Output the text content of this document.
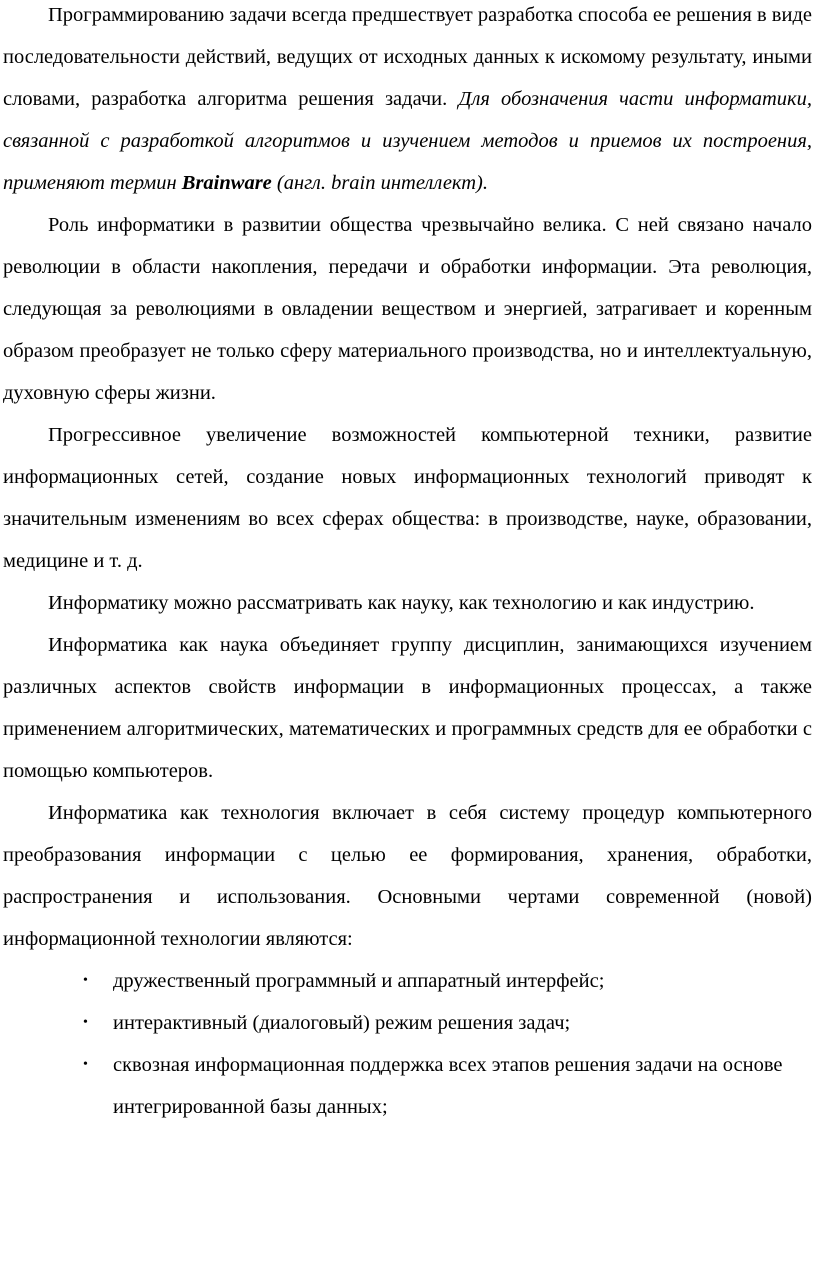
Программированию задачи всегда предшествует разработка способа ее решения в виде последовательности действий, ведущих от исходных данных к искомому результату, иными словами, разработка алгоритма решения задачи. Для обозначения части информатики, связанной с разработкой алгоритмов и изучением методов и приемов их построения, применяют термин Brainware (англ. brain интеллект).

Роль информатики в развитии общества чрезвычайно велика. С ней связано начало революции в области накопления, передачи и обработки информации. Эта революция, следующая за революциями в овладении веществом и энергией, затрагивает и коренным образом преобразует не только сферу материального производства, но и интеллектуальную, духовную сферы жизни.

Прогрессивное увеличение возможностей компьютерной техники, развитие информационных сетей, создание новых информационных технологий приводят к значительным изменениям во всех сферах общества: в производстве, науке, образовании, медицине и т. д.

Информатику можно рассматривать как науку, как технологию и как индустрию.

Информатика как наука объединяет группу дисциплин, занимающихся изучением различных аспектов свойств информации в информационных процессах, а также применением алгоритмических, математических и программных средств для ее обработки с помощью компьютеров.

Информатика как технология включает в себя систему процедур компьютерного преобразования информации с целью ее формирования, хранения, обработки, распространения и использования. Основными чертами современной (новой) информационной технологии являются:

• дружественный программный и аппаратный интерфейс;
• интерактивный (диалоговый) режим решения задач;
• сквозная информационная поддержка всех этапов решения задачи на основе интегрированной базы данных;
